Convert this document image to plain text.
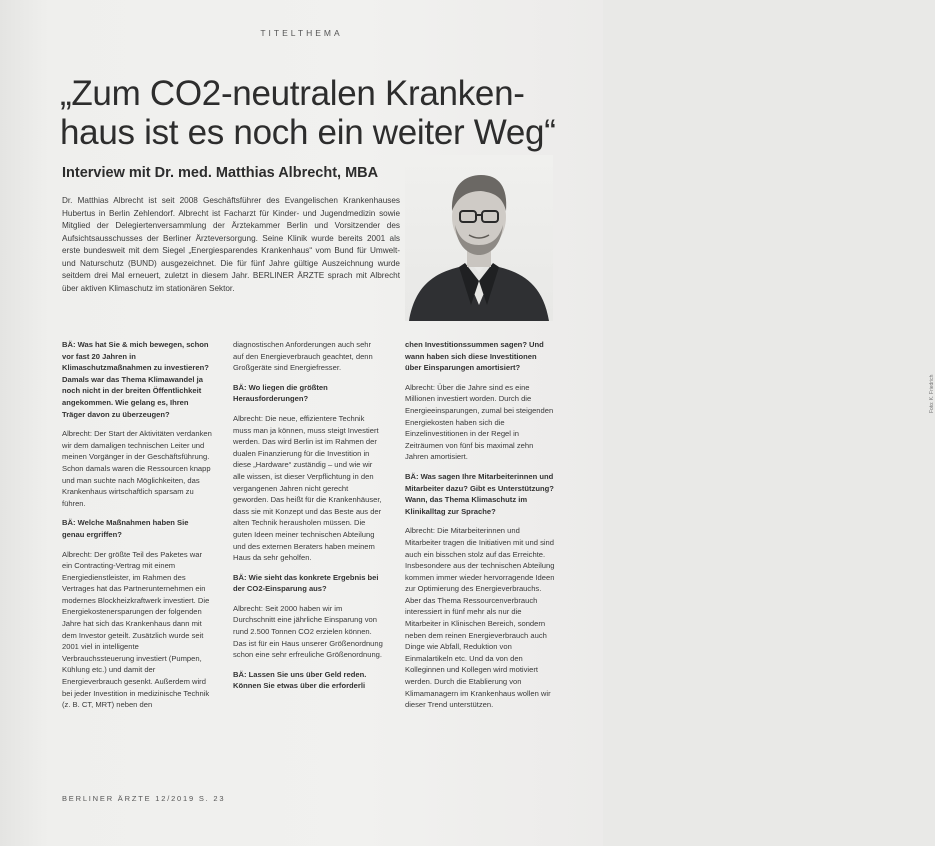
TITELTHEMA
„Zum CO2-neutralen Kranken-
haus ist es noch ein weiter Weg“
Interview mit Dr. med. Matthias Albrecht, MBA

Dr. Matthias Albrecht ist seit 2008 Geschäftsführer des Evangelischen Krankenhauses Hubertus in Berlin Zehlendorf. Albrecht ist Facharzt für Kinder- und Jugendmedizin sowie Mitglied der Delegiertenversammlung der Ärztekammer Berlin und Vorsitzender des Aufsichtsausschusses der Berliner Ärzteversorgung. Seine Klinik wurde bereits 2001 als erste bundesweit mit dem Siegel „Energiesparendes Krankenhaus“ vom Bund für Umwelt- und Naturschutz (BUND) ausgezeichnet. Die für fünf Jahre gültige Auszeichnung wurde seitdem drei Mal erneuert, zuletzt in diesem Jahr. BERLINER ÄRZTE sprach mit Albrecht über aktiven Klimaschutz im stationären Sektor.

Foto: K. Friedrich

BÄ: Was hat Sie & mich bewegen, schon vor fast 20 Jahren in Klimaschutzmaßnahmen zu investieren? Damals war das Thema Klimawandel ja noch nicht in der breiten Öffentlichkeit angekommen. Wie gelang es, Ihren Träger davon zu überzeugen?

Albrecht: Der Start der Aktivitäten verdanken wir dem damaligen technischen Leiter und meinen Vorgänger in der Geschäftsführung. Schon damals waren die Ressourcen knapp und man suchte nach Möglichkeiten, das Krankenhaus wirtschaftlich sparsam zu führen.

BÄ: Welche Maßnahmen haben Sie genau ergriffen?

Albrecht: Der größte Teil des Paketes war ein Contracting-Vertrag mit einem Energiedienstleister, im Rahmen des Vertrages hat das Partnerunternehmen ein modernes Blockheizkraftwerk investiert. Die Energiekostenersparungen der folgenden Jahre hat sich das Krankenhaus dann mit dem Investor geteilt. Zusätzlich wurde seit 2001 viel in intelligente Verbrauchssteuerung investiert (Pumpen, Kühlung etc.) und damit der Energieverbrauch gesenkt. Außerdem wird bei jeder Investition in medizinische Technik (z. B. CT, MRT) neben den

diagnostischen Anforderungen auch sehr auf den Energieverbrauch geachtet, denn Großgeräte sind Energiefresser.

BÄ: Wo liegen die größten Herausforderungen?

Albrecht: Die neue, effizientere Technik muss man ja können, muss steigt Investiert werden. Das wird Berlin ist im Rahmen der dualen Finanzierung für die Investition in diese „Hardware“ zuständig – und wie wir alle wissen, ist dieser Verpflichtung in den vergangenen Jahren nicht gerecht geworden. Das heißt für die Krankenhäuser, dass sie mit Konzept und das Beste aus der alten Technik herausholen müssen. Die guten Ideen meiner technischen Abteilung und des externen Beraters haben meinem Haus da sehr geholfen.

BÄ: Wie sieht das konkrete Ergebnis bei der CO2-Einsparung aus?

Albrecht: Seit 2000 haben wir im Durchschnitt eine jährliche Einsparung von rund 2.500 Tonnen CO2 erzielen können. Das ist für ein Haus unserer Größenordnung schon eine sehr erfreuliche Größenordnung.

BÄ: Lassen Sie uns über Geld reden. Können Sie etwas über die erforderli

chen Investitionssummen sagen? Und wann haben sich diese Investitionen über Einsparungen amortisiert?

Albrecht: Über die Jahre sind es eine Millionen investiert worden. Durch die Energieeinsparungen, zumal bei steigenden Energiekosten haben sich die Einzelinvestitionen in der Regel in Zeiträumen von fünf bis maximal zehn Jahren amortisiert.

BÄ: Was sagen Ihre Mitarbeiterinnen und Mitarbeiter dazu? Gibt es Unterstützung? Wann, das Thema Klimaschutz im Klinikalltag zur Sprache?

Albrecht: Die Mitarbeiterinnen und Mitarbeiter tragen die Initiativen mit und sind auch ein bisschen stolz auf das Erreichte. Insbesondere aus der technischen Abteilung kommen immer wieder hervorragende Ideen zur Optimierung des Energieverbrauchs. Aber das Thema Ressourcenverbrauch interessiert in fünf mehr als nur die Mitarbeiter in Klinischen Bereich, sondern neben dem reinen Energieverbrauch auch Dinge wie Abfall, Reduktion von Einmalartikeln etc. Und da von den Kolleginnen und Kollegen wird motiviert werden. Durch die Etablierung von Klimamanagern im Krankenhaus wollen wir dieser Trend unterstützen.

BERLINER ÄRZTE 12/2019 S. 23
